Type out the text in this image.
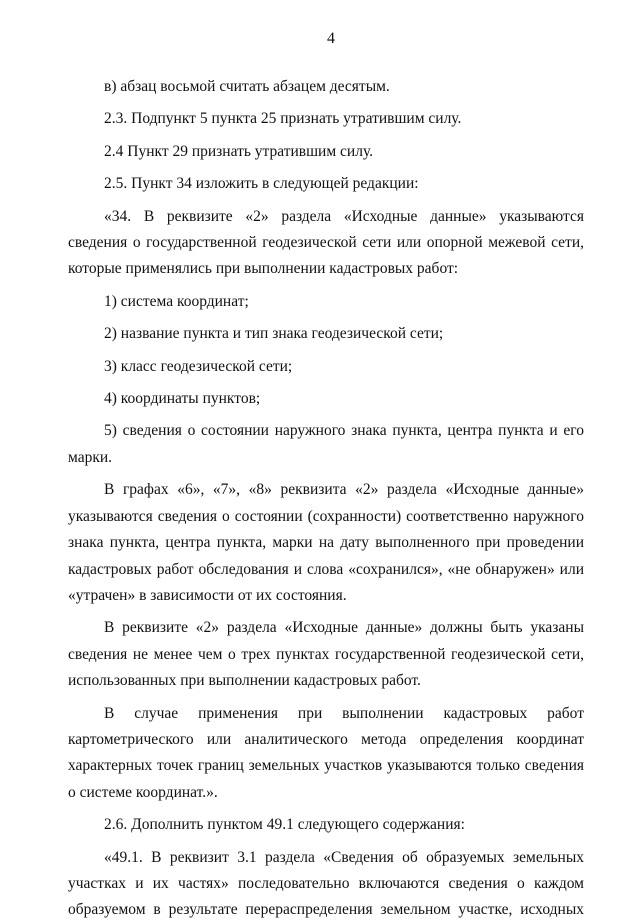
4

в) абзац восьмой считать абзацем десятым.

2.3. Подпункт 5 пункта 25 признать утратившим силу.

2.4 Пункт 29 признать утратившим силу.

2.5. Пункт 34 изложить в следующей редакции:

«34. В реквизите «2» раздела «Исходные данные» указываются сведения о государственной геодезической сети или опорной межевой сети, которые применялись при выполнении кадастровых работ:

1) система координат;

2) название пункта и тип знака геодезической сети;

3) класс геодезической сети;

4) координаты пунктов;

5) сведения о состоянии наружного знака пункта, центра пункта и его марки.

В графах «6», «7», «8» реквизита «2» раздела «Исходные данные» указываются сведения о состоянии (сохранности) соответственно наружного знака пункта, центра пункта, марки на дату выполненного при проведении кадастровых работ обследования и слова «сохранился», «не обнаружен» или «утрачен» в зависимости от их состояния.

В реквизите «2» раздела «Исходные данные» должны быть указаны сведения не менее чем о трех пунктах государственной геодезической сети, использованных при выполнении кадастровых работ.

В случае применения при выполнении кадастровых работ картометрического или аналитического метода определения координат характерных точек границ земельных участков указываются только сведения о системе координат.».

2.6. Дополнить пунктом 49.1 следующего содержания:

«49.1. В реквизит 3.1 раздела «Сведения об образуемых земельных участках и их частях» последовательно включаются сведения о каждом образуемом в результате перераспределения земельном участке, исходных
